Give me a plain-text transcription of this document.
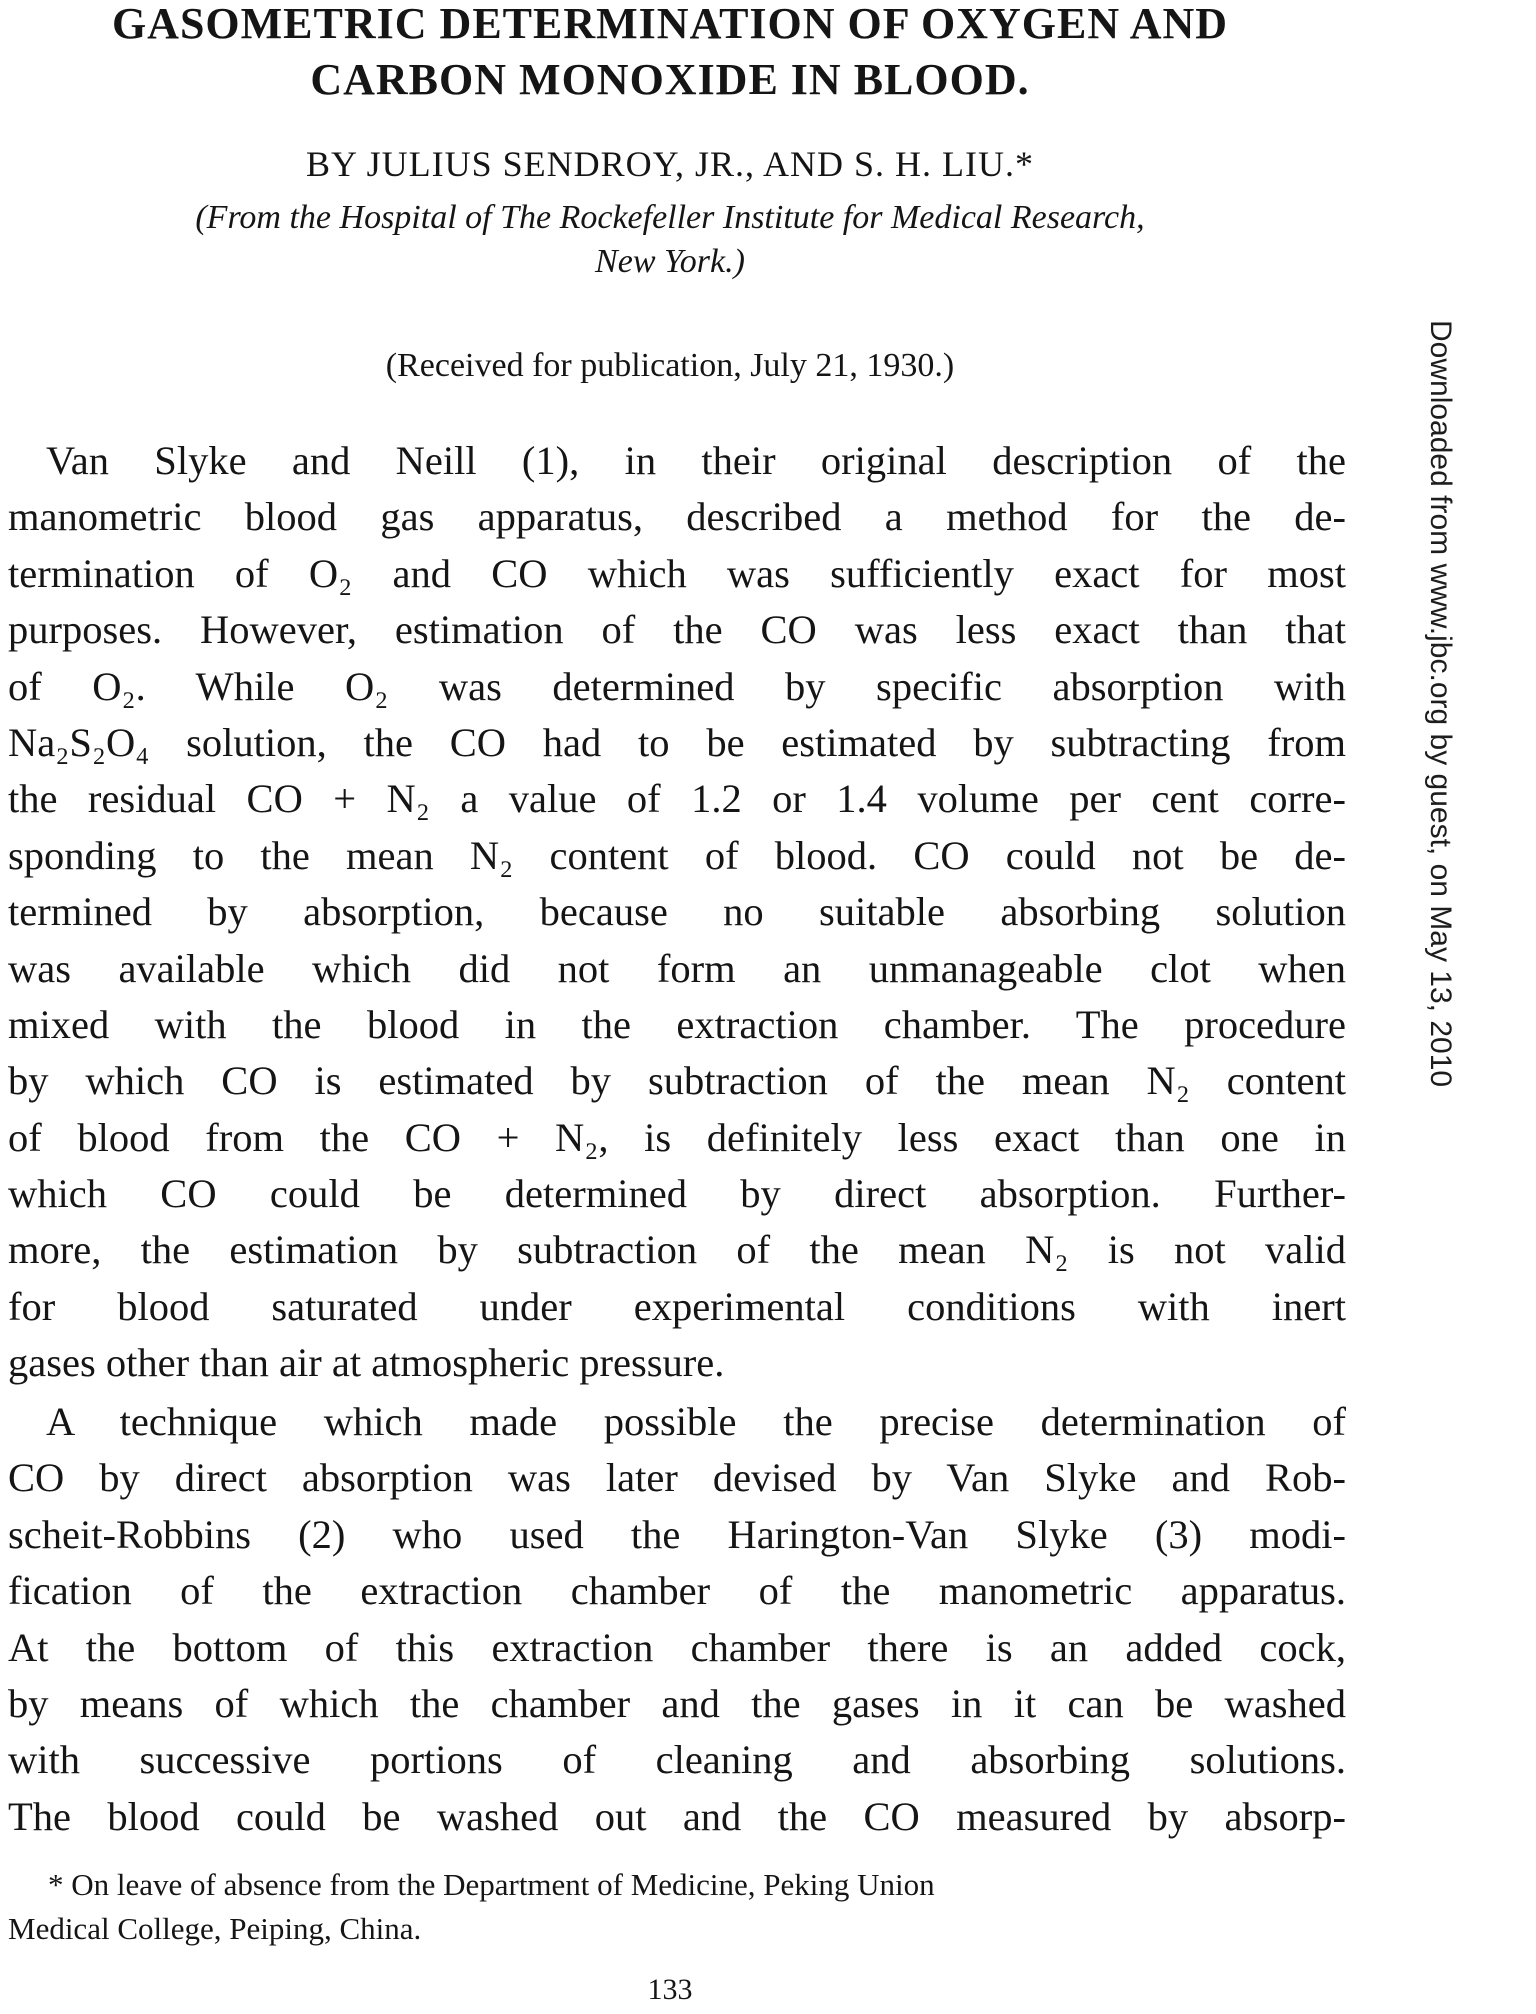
GASOMETRIC DETERMINATION OF OXYGEN AND
CARBON MONOXIDE IN BLOOD.
BY JULIUS SENDROY, JR., AND S. H. LIU.*
(From the Hospital of The Rockefeller Institute for Medical Research,
New York.)
(Received for publication, July 21, 1930.)
Van Slyke and Neill (1), in their original description of the
manometric blood gas apparatus, described a method for the de-
termination of O₂ and CO which was sufficiently exact for most
purposes. However, estimation of the CO was less exact than that
of O₂. While O₂ was determined by specific absorption with
Na₂S₂O₄ solution, the CO had to be estimated by subtracting from
the residual CO + N₂ a value of 1.2 or 1.4 volume per cent corre-
sponding to the mean N₂ content of blood. CO could not be de-
termined by absorption, because no suitable absorbing solution
was available which did not form an unmanageable clot when
mixed with the blood in the extraction chamber. The procedure
by which CO is estimated by subtraction of the mean N₂ content
of blood from the CO + N₂, is definitely less exact than one in
which CO could be determined by direct absorption. Further-
more, the estimation by subtraction of the mean N₂ is not valid
for blood saturated under experimental conditions with inert
gases other than air at atmospheric pressure.
A technique which made possible the precise determination of
CO by direct absorption was later devised by Van Slyke and Rob-
scheit-Robbins (2) who used the Harington-Van Slyke (3) modi-
fication of the extraction chamber of the manometric apparatus.
At the bottom of this extraction chamber there is an added cock,
by means of which the chamber and the gases in it can be washed
with successive portions of cleaning and absorbing solutions.
The blood could be washed out and the CO measured by absorp-
* On leave of absence from the Department of Medicine, Peking Union
Medical College, Peiping, China.
133
Downloaded from www.jbc.org by guest, on May 13, 2010
